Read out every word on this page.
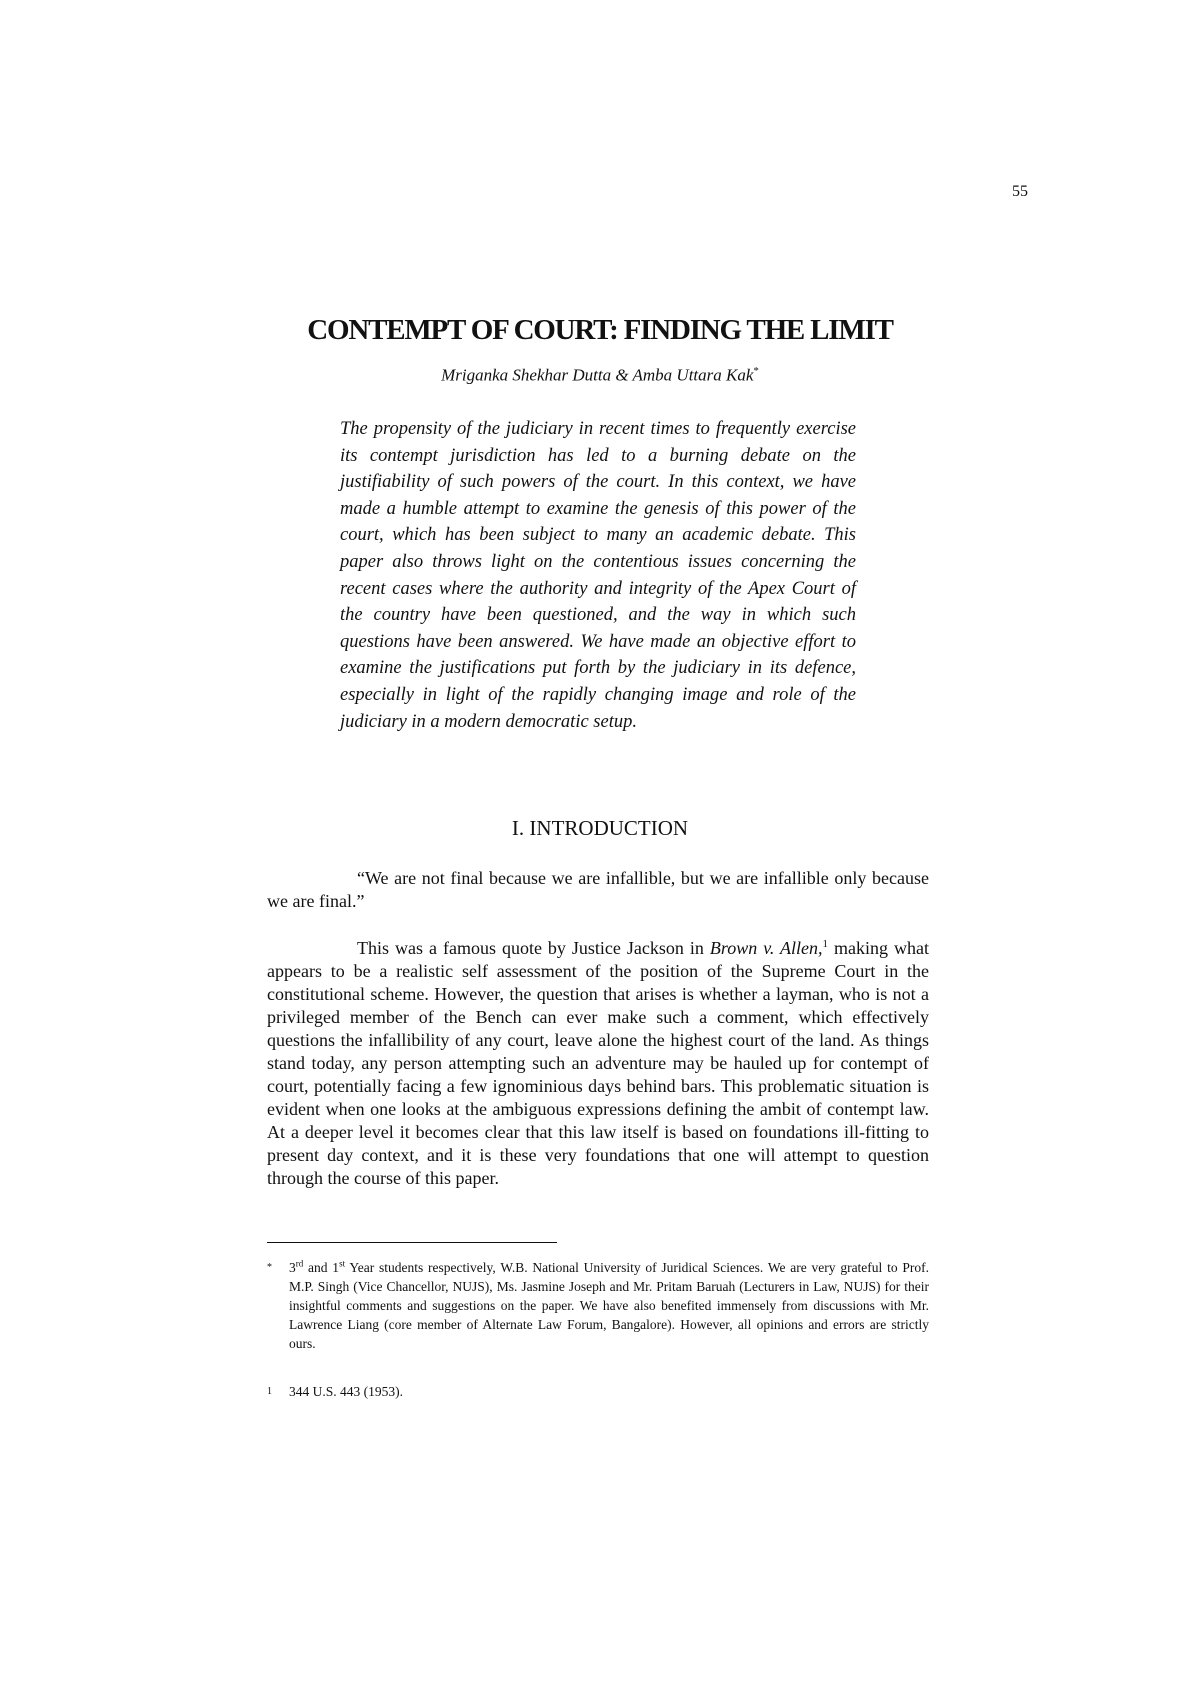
55
CONTEMPT OF COURT: FINDING THE LIMIT
Mriganka Shekhar Dutta & Amba Uttara Kak*

The propensity of the judiciary in recent times to frequently exercise its contempt jurisdiction has led to a burning debate on the justifiability of such powers of the court. In this context, we have made a humble attempt to examine the genesis of this power of the court, which has been subject to many an academic debate. This paper also throws light on the contentious issues concerning the recent cases where the authority and integrity of the Apex Court of the country have been questioned, and the way in which such questions have been answered. We have made an objective effort to examine the justifications put forth by the judiciary in its defence, especially in light of the rapidly changing image and role of the judiciary in a modern democratic setup.

I. INTRODUCTION

“We are not final because we are infallible, but we are infallible only because we are final.”

This was a famous quote by Justice Jackson in Brown v. Allen,$^1$ making what appears to be a realistic self assessment of the position of the Supreme Court in the constitutional scheme. However, the question that arises is whether a layman, who is not a privileged member of the Bench can ever make such a comment, which effectively questions the infallibility of any court, leave alone the highest court of the land. As things stand today, any person attempting such an adventure may be hauled up for contempt of court, potentially facing a few ignominious days behind bars. This problematic situation is evident when one looks at the ambiguous expressions defining the ambit of contempt law. At a deeper level it becomes clear that this law itself is based on foundations ill-fitting to present day context, and it is these very foundations that one will attempt to question through the course of this paper.

* 3rd and 1st Year students respectively, W.B. National University of Juridical Sciences. We are very grateful to Prof. M.P. Singh (Vice Chancellor, NUJS), Ms. Jasmine Joseph and Mr. Pritam Baruah (Lecturers in Law, NUJS) for their insightful comments and suggestions on the paper. We have also benefited immensely from discussions with Mr. Lawrence Liang (core member of Alternate Law Forum, Bangalore). However, all opinions and errors are strictly ours.
1 344 U.S. 443 (1953).
